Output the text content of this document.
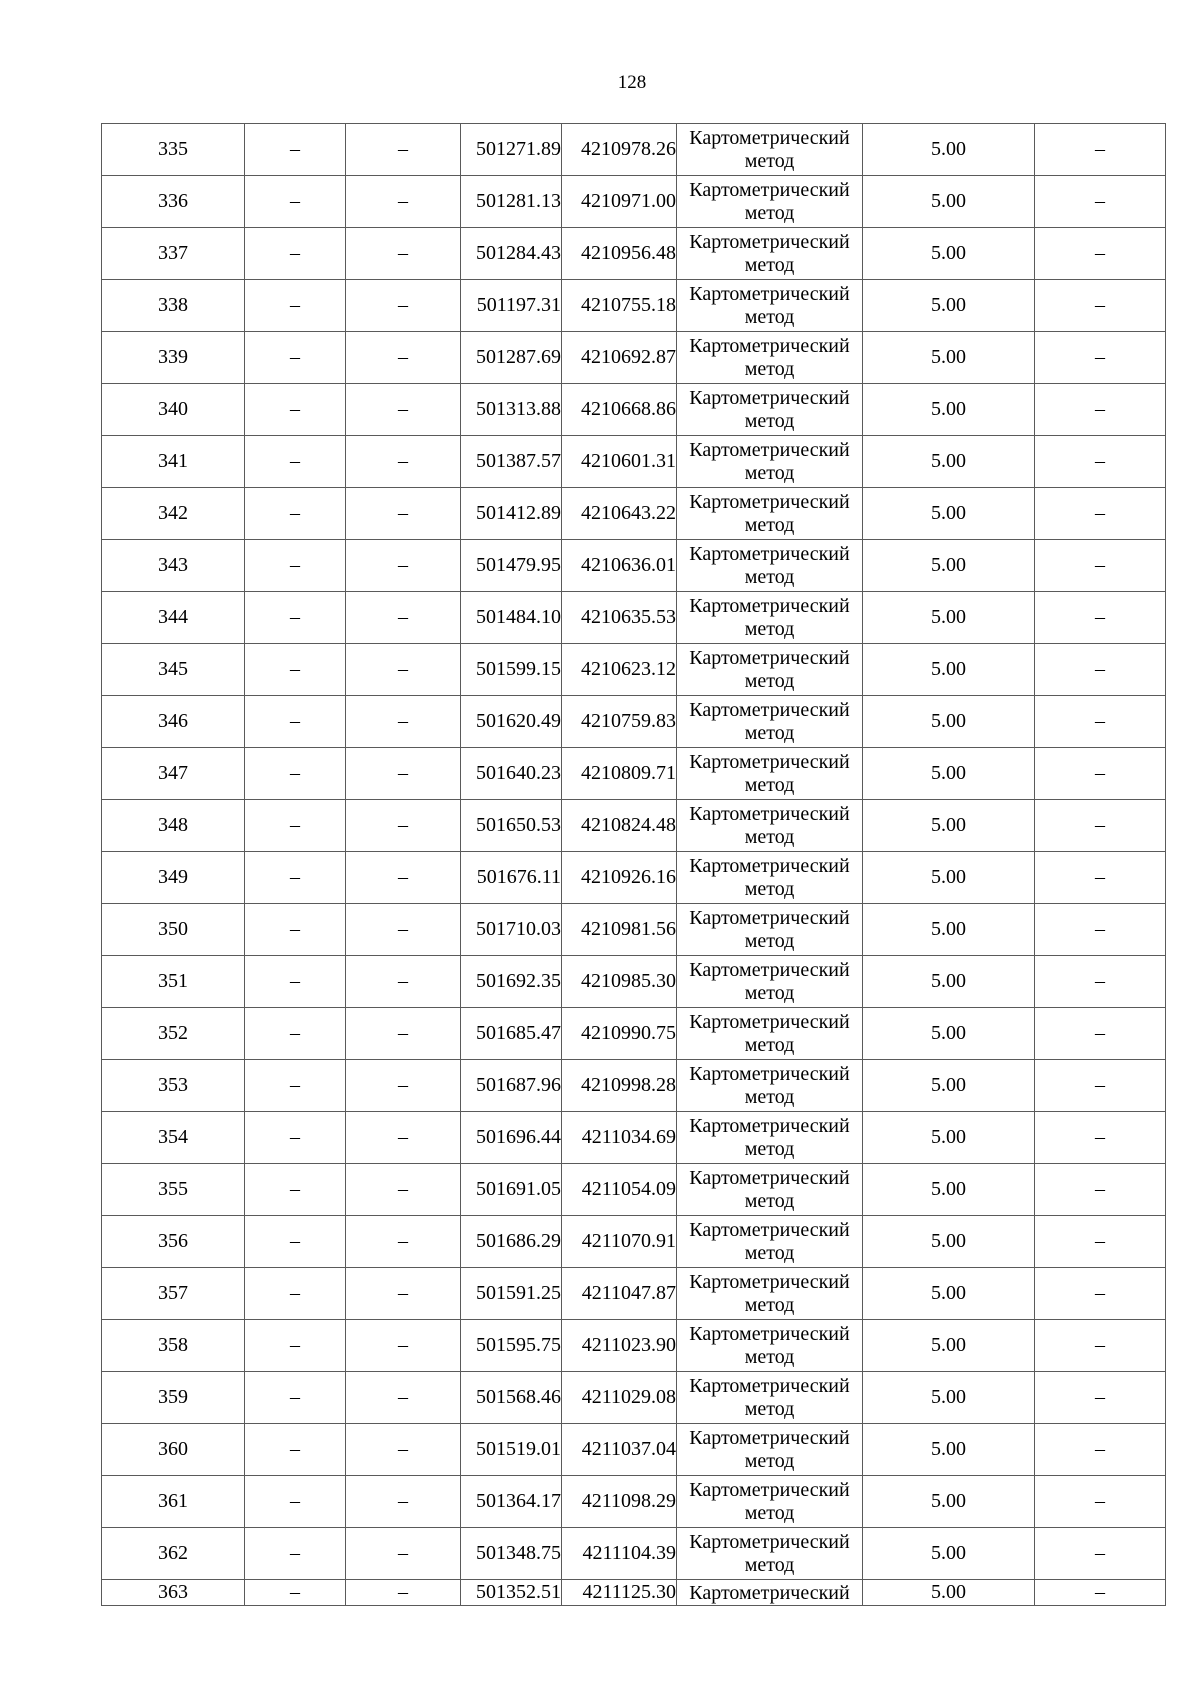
128
335	–	–	501271.89	4210978.26	Картометрический метод	5.00	–
336	–	–	501281.13	4210971.00	Картометрический метод	5.00	–
337	–	–	501284.43	4210956.48	Картометрический метод	5.00	–
338	–	–	501197.31	4210755.18	Картометрический метод	5.00	–
339	–	–	501287.69	4210692.87	Картометрический метод	5.00	–
340	–	–	501313.88	4210668.86	Картометрический метод	5.00	–
341	–	–	501387.57	4210601.31	Картометрический метод	5.00	–
342	–	–	501412.89	4210643.22	Картометрический метод	5.00	–
343	–	–	501479.95	4210636.01	Картометрический метод	5.00	–
344	–	–	501484.10	4210635.53	Картометрический метод	5.00	–
345	–	–	501599.15	4210623.12	Картометрический метод	5.00	–
346	–	–	501620.49	4210759.83	Картометрический метод	5.00	–
347	–	–	501640.23	4210809.71	Картометрический метод	5.00	–
348	–	–	501650.53	4210824.48	Картометрический метод	5.00	–
349	–	–	501676.11	4210926.16	Картометрический метод	5.00	–
350	–	–	501710.03	4210981.56	Картометрический метод	5.00	–
351	–	–	501692.35	4210985.30	Картометрический метод	5.00	–
352	–	–	501685.47	4210990.75	Картометрический метод	5.00	–
353	–	–	501687.96	4210998.28	Картометрический метод	5.00	–
354	–	–	501696.44	4211034.69	Картометрический метод	5.00	–
355	–	–	501691.05	4211054.09	Картометрический метод	5.00	–
356	–	–	501686.29	4211070.91	Картометрический метод	5.00	–
357	–	–	501591.25	4211047.87	Картометрический метод	5.00	–
358	–	–	501595.75	4211023.90	Картометрический метод	5.00	–
359	–	–	501568.46	4211029.08	Картометрический метод	5.00	–
360	–	–	501519.01	4211037.04	Картометрический метод	5.00	–
361	–	–	501364.17	4211098.29	Картометрический метод	5.00	–
362	–	–	501348.75	4211104.39	Картометрический метод	5.00	–
363	–	–	501352.51	4211125.30	Картометрический	5.00	–
